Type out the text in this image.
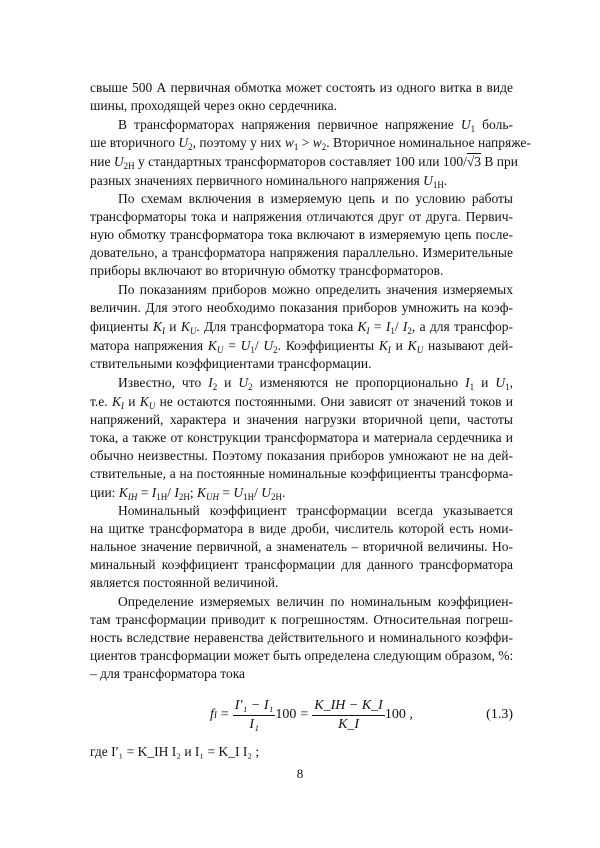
свыше 500 А первичная обмотка может состоять из одного витка в виде
шины, проходящей через окно сердечника.
В трансформаторах напряжения первичное напряжение $U_1$ боль-
ше вторичного $U_2$, поэтому у них $w_1 > w_2$. Вторичное номинальное напряже-
ние $U_{2Н}$ у стандартных трансформаторов составляет 100 или 100/√3 В при
разных значениях первичного номинального напряжения $U_{1Н}$.
По схемам включения в измеряемую цепь и по условию работы
трансформаторы тока и напряжения отличаются друг от друга. Первич-
ную обмотку трансформатора тока включают в измеряемую цепь после-
довательно, а трансформатора напряжения параллельно. Измерительные
приборы включают во вторичную обмотку трансформаторов.
По показаниям приборов можно определить значения измеряемых
величин. Для этого необходимо показания приборов умножить на коэф-
фициенты $K_I$ и $K_U$. Для трансформатора тока $K_I = I_1/$ $I_2$, а для трансфор-
матора напряжения $K_U = U_1/$ $U_2$. Коэффициенты $K_I$ и $K_U$ называют дей-
ствительными коэффициентами трансформации.
Известно, что $I_2$ и $U_2$ изменяются не пропорционально $I_1$ и $U_1$,
т.е. $K_I$ и $K_U$ не остаются постоянными. Они зависят от значений токов и
напряжений, характера и значения нагрузки вторичной цепи, частоты
тока, а также от конструкции трансформатора и материала сердечника и
обычно неизвестны. Поэтому показания приборов умножают не на дей-
ствительные, а на постоянные номинальные коэффициенты трансформа-
ции: $K_{IН} = I_{1Н}/$ $I_{2Н}$; $K_{UН} = U_{1Н}/$ $U_{2Н}$.
Номинальный коэффициент трансформации всегда указывается
на щитке трансформатора в виде дроби, числитель которой есть номи-
нальное значение первичной, а знаменатель – вторичной величины. Но-
минальный коэффициент трансформации для данного трансформатора
является постоянной величиной.
Определение измеряемых величин по номинальным коэффициен-
там трансформации приводит к погрешностям. Относительная погреш-
ность вследствие неравенства действительного и номинального коэффи-
циентов трансформации может быть определена следующим образом, %:
– для трансформатора тока
f $I = \frac{\text{I′₁ − I₁}}{\text{I₁}} 100 = \frac{K\_IН - K\_I}{K\_I} 100$ ,	(1.3)
где I′₁ = K_IН I₂ и I₁ = K_I I₂ ;
8
